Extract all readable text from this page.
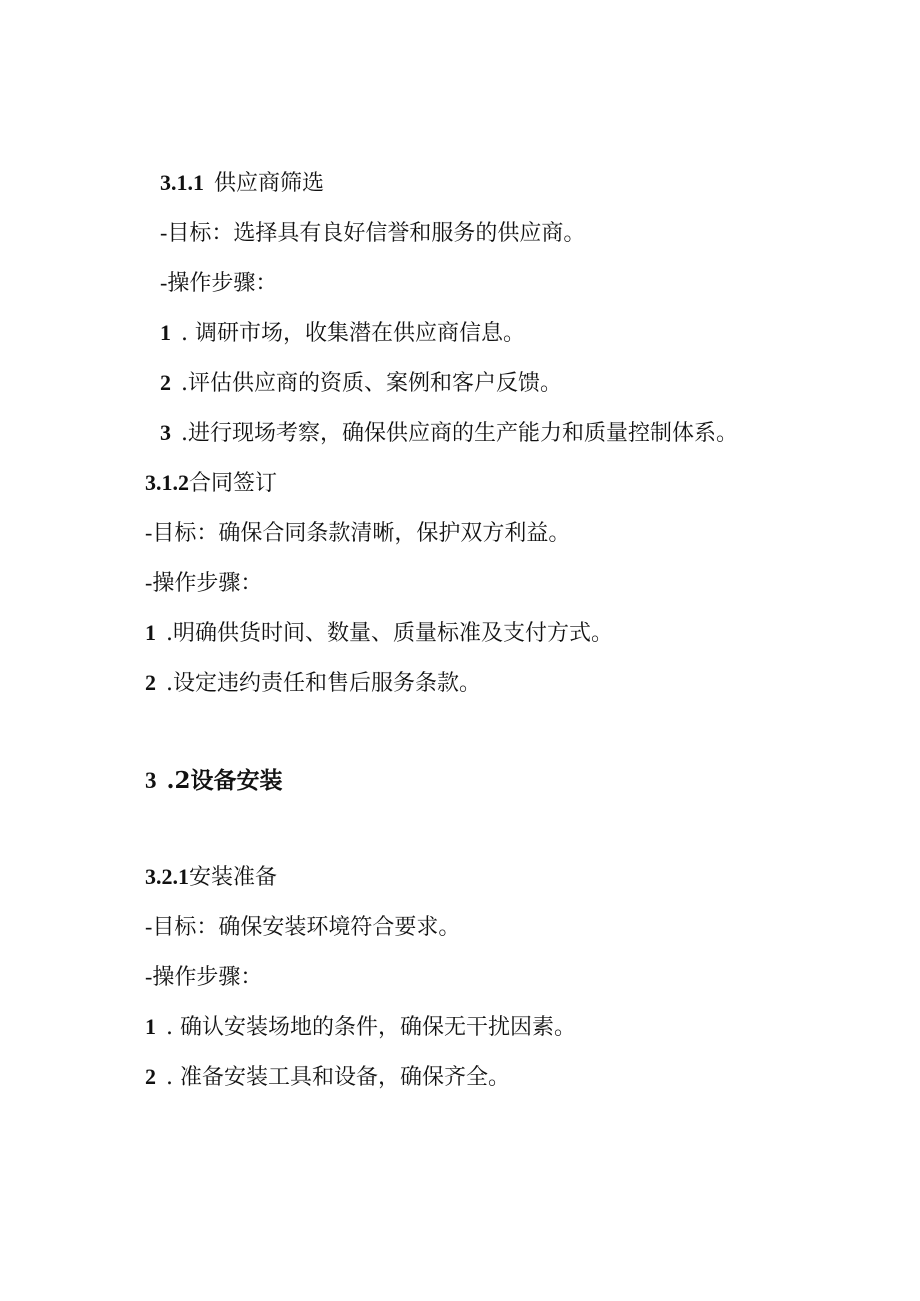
3.1.1 供应商筛选
-目标：选择具有良好信誉和服务的供应商。
-操作步骤：
1 . 调研市场，收集潜在供应商信息。
2 .评估供应商的资质、案例和客户反馈。
3 .进行现场考察，确保供应商的生产能力和质量控制体系。
3.1.2合同签订
-目标：确保合同条款清晰，保护双方利益。
-操作步骤：
1 .明确供货时间、数量、质量标准及支付方式。
2 .设定违约责任和售后服务条款。
3 .2设备安装
3.2.1安装准备
-目标：确保安装环境符合要求。
-操作步骤：
1 . 确认安装场地的条件，确保无干扰因素。
2 . 准备安装工具和设备，确保齐全。
